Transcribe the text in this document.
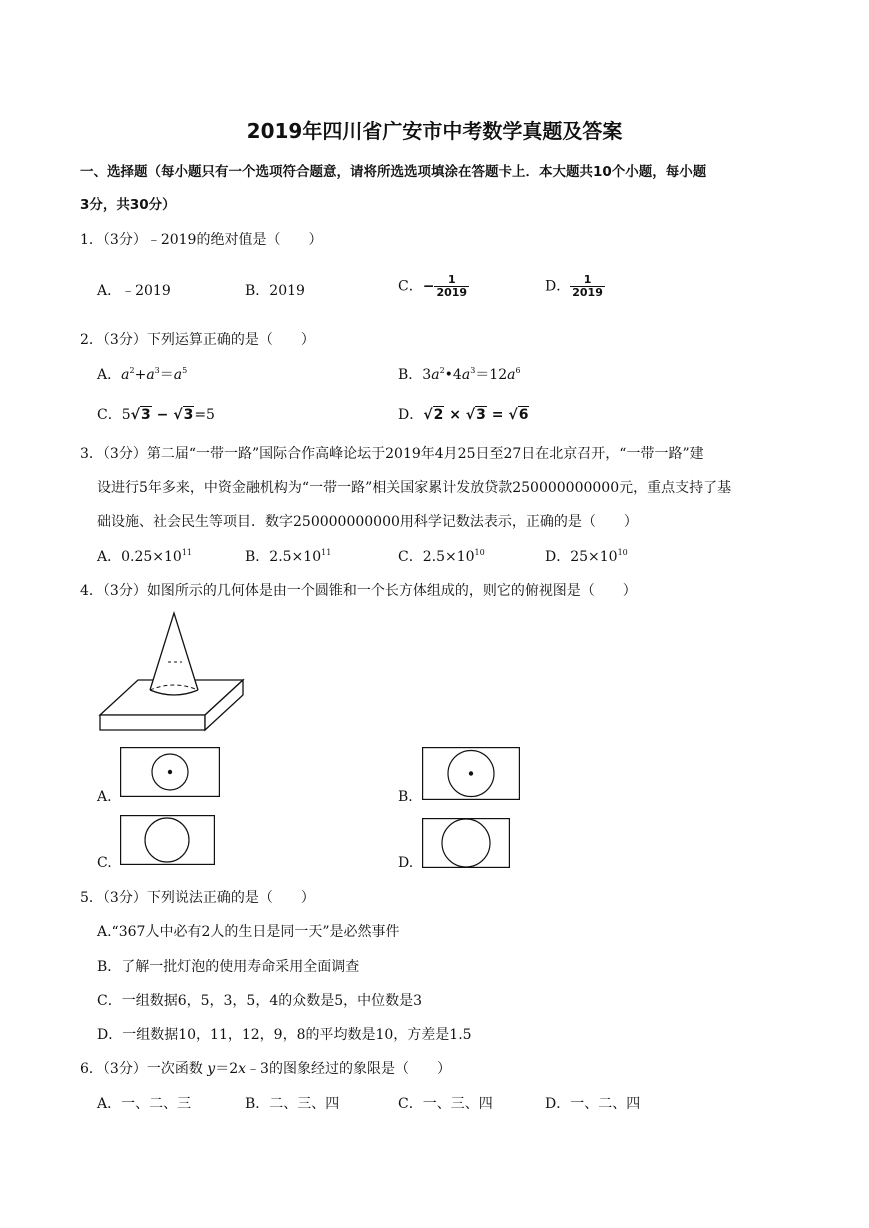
2019年四川省广安市中考数学真题及答案
一、选择题（每小题只有一个选项符合题意，请将所选选项填涂在答题卡上．本大题共10个小题，每小题
3分，共30分）
1．（3分）﹣2019的绝对值是（　　）
A．﹣2019	B．2019	C．− $\frac{1}{2019}$	D． $\frac{1}{2019}$
2．（3分）下列运算正确的是（　　）
A．$a^2+a^3=a^5$	B．$3a^2•4a^3=12a^6$
C．5√3 − √3=5	D．√2 × √3 = √6
3．（3分）第二届“一带一路”国际合作高峰论坛于2019年4月25日至27日在北京召开，“一带一路”建
设进行5年多来，中资金融机构为“一带一路”相关国家累计发放贷款250000000000元，重点支持了基
础设施、社会民生等项目．数字250000000000用科学记数法表示，正确的是（　　）
A．$0.25\times 10^{11}$	B．$2.5\times 10^{11}$	C．$2.5\times 10^{10}$	D．$25\times 10^{10}$
4．（3分）如图所示的几何体是由一个圆锥和一个长方体组成的，则它的俯视图是（　　）
A.	B.
C.	D.
5．（3分）下列说法正确的是（　　）
A.“367人中必有2人的生日是同一天”是必然事件
B．了解一批灯泡的使用寿命采用全面调查
C．一组数据6，5，3，5，4的众数是5，中位数是3
D．一组数据10，11，12，9，8的平均数是10，方差是1.5
6．（3分）一次函数 y＝2x﹣3的图象经过的象限是（　　）
A．一、二、三	B．二、三、四	C．一、三、四	D．一、二、四
